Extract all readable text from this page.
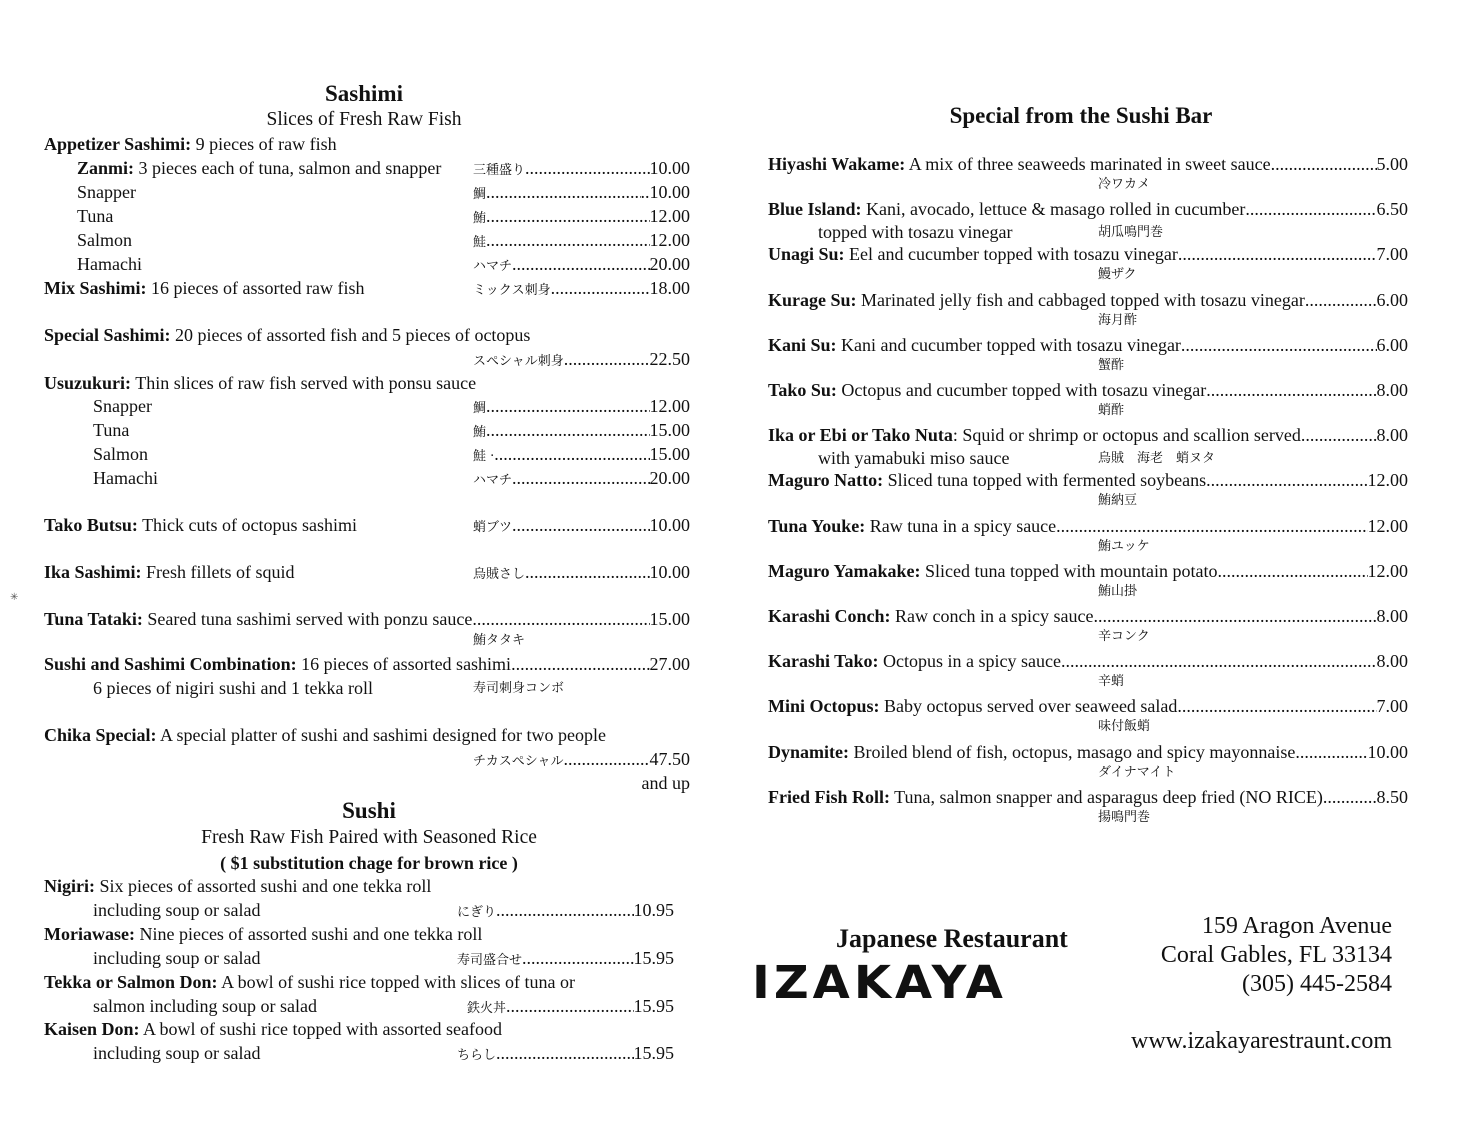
✳
Sashimi
Slices of Fresh Raw Fish
Appetizer Sashimi: 9 pieces of raw fish
Zanmi: 3 pieces each of tuna, salmon and snapper	三種盛り .....	10.00
Snapper	鯛 .....	..10.00
Tuna	鮪 .....	12.00
Salmon	鮭 .....	12.00
Hamachi	ハマチ .....	20.00
Mix Sashimi: 16 pieces of assorted raw fish	ミックス刺身 .....	18.00
Special Sashimi: 20 pieces of assorted fish and 5 pieces of octopus
スペシャル刺身 .....	22.50
Usuzukuri: Thin slices of raw fish served with ponsu sauce
Snapper	鯛 .....	12.00
Tuna	鮪 .....	15.00
Salmon	鮭 · .....	15.00
Hamachi	ハマチ .....	20.00
Tako Butsu: Thick cuts of octopus sashimi	蛸ブツ .....	10.00
Ika Sashimi: Fresh fillets of squid	烏賊さし .....	10.00
Tuna Tataki: Seared tuna sashimi served with ponzu sauce .....	15.00
鮪タタキ
Sushi and Sashimi Combination: 16 pieces of assorted sashimi .....	27.00
6 pieces of nigiri sushi and 1 tekka roll	寿司刺身コンボ
Chika Special: A special platter of sushi and sashimi designed for two people
チカスペシャル .....	47.50
and up
Sushi
Fresh Raw Fish Paired with Seasoned Rice
( $1 substitution chage for brown rice )
Nigiri: Six pieces of assorted sushi and one tekka roll
including soup or salad	にぎり .....	10.95
Moriawase: Nine pieces of assorted sushi and one tekka roll
including soup or salad	寿司盛合せ .....	15.95
Tekka or Salmon Don: A bowl of sushi rice topped with slices of tuna or
salmon including soup or salad	鉄火丼 .....	15.95
Kaisen Don: A bowl of sushi rice topped with assorted seafood
including soup or salad	ちらし .....	15.95
Special from the Sushi Bar
Hiyashi Wakame: A mix of three seaweeds marinated in sweet sauce .....	5.00
冷ワカメ
Blue Island: Kani, avocado, lettuce & masago rolled in cucumber .....	6.50
topped with tosazu vinegar	胡瓜鳴門巻
Unagi Su: Eel and cucumber topped with tosazu vinegar .....	7.00
鰻ザク
Kurage Su: Marinated jelly fish and cabbaged topped with tosazu vinegar .....	6.00
海月酢
Kani Su: Kani and cucumber topped with tosazu vinegar .....	6.00
蟹酢
Tako Su: Octopus and cucumber topped with tosazu vinegar .....	8.00
蛸酢
Ika or Ebi or Tako Nuta: Squid or shrimp or octopus and scallion served .....	8.00
with yamabuki miso sauce	烏賊　海老　蛸ヌタ
Maguro Natto: Sliced tuna topped with fermented soybeans .....	12.00
鮪納豆
Tuna Youke: Raw tuna in a spicy sauce .....	12.00
鮪ユッケ
Maguro Yamakake: Sliced tuna topped with mountain potato .....	12.00
鮪山掛
Karashi Conch: Raw conch in a spicy sauce .....	8.00
辛コンク
Karashi Tako: Octopus in a spicy sauce .....	8.00
辛蛸
Mini Octopus: Baby octopus served over seaweed salad .....	7.00
味付飯蛸
Dynamite: Broiled blend of fish, octopus, masago and spicy mayonnaise .....	10.00
ダイナマイト
Fried Fish Roll: Tuna, salmon snapper and asparagus deep fried (NO RICE) .....	8.50
揚鳴門巻
Japanese Restaurant
IZAKAYA
159 Aragon Avenue
Coral Gables, FL 33134
(305) 445-2584
www.izakayarestraunt.com
